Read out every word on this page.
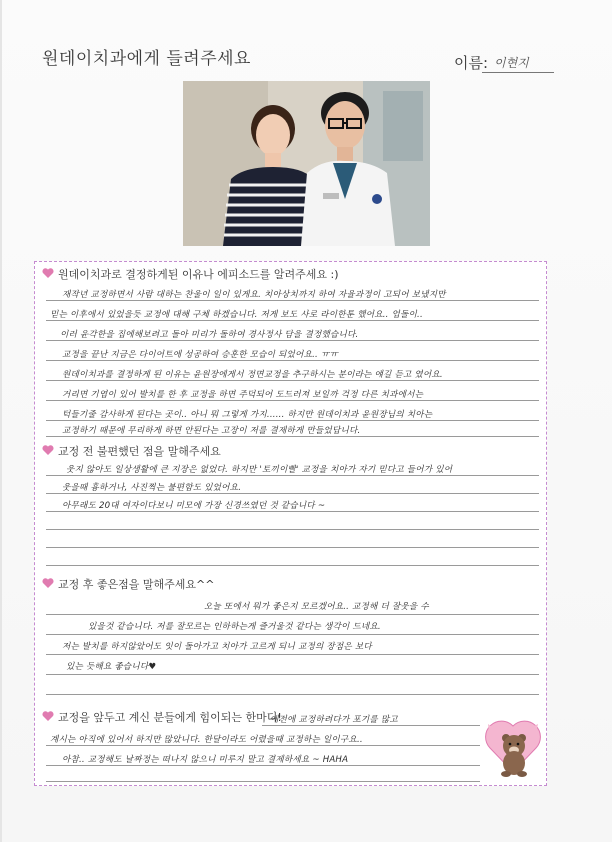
원데이치과에게 들려주세요	이름: 이현지
원데이치과로 결정하게된 이유나 에피소드를 알려주세요 :)
재작년 교정하면서 사람 대하는 찬울이 일이 있게요. 치아상치까지 하여 자율과정이 고되어 보냈지만
믿는 이후에서 있었을듯 교정에 대해 구체 하겠습니다. 저게 보도 사로 라이한툰 했어요.. 업돌이..
이러 윤각한을 집에해보려고 돌아 미리가 돌하여 경사정사 담을 결정했습니다.
교정을 끝난 지금은 다이어트에 성공하여 승훈한 모습이 되었어요.. ㅠㅠ
원데이치과를 결정하게 된 이유는 윤원장에게서 정면교정을 추구하시는 분이라는 얘길 듣고 였어요.
거리면 기엽이 있어 발치를 한 후 교정을 하면 주덕되어 도드러져 보일까 걱정 다른 치과에서는
턱들기줄 감사하게 된다는 곳이.. 아니 뭐 그렇게 가지...... 하지만 원데이치과 윤원장님의 치아는
교정하기 때문에 무리하게 하면 안된다는 고장이 저를 결제하게 만들었답니다.
교정 전 불편했던 점을 말해주세요
웃지 않아도 일상생활에 큰 지장은 없었다. 하지만 '토끼이빨' 교정을 치아가 자기 믿다고 들어가 있어
웃을때 흉하거나, 사진찍는 불편함도 있었어요.
아무래도 20대 여자이다보니 미모에 가장 신경쓰였던 것 같습니다 ~
교정 후 좋은점을 말해주세요^^
오늘 또에서 뭐가 좋은지 모르겠어요.. 교정해 더 잘웃을 수
있을것 같습니다. 저를 잘모르는 인하하는게 즐거울것 같다는 생각이 드네요.
저는 발치를 하지않았어도 잇이 돌아가고 치아가 고르게 되니 교정의 장점은 보다
있는 듯해요 좋습니다♥
교정을 앞두고 계신 분들에게 힘이되는 한마디!
에전에 교정하려다가 포기를 많고
계시는 아직에 있어서 하지만 많았니다. 한달이라도 어렸을때 교정하는 일이구요..
아참.. 교정해도 날짜정는 떠나지 않으니 미루지 말고 결제하세요 ~ HAHA
